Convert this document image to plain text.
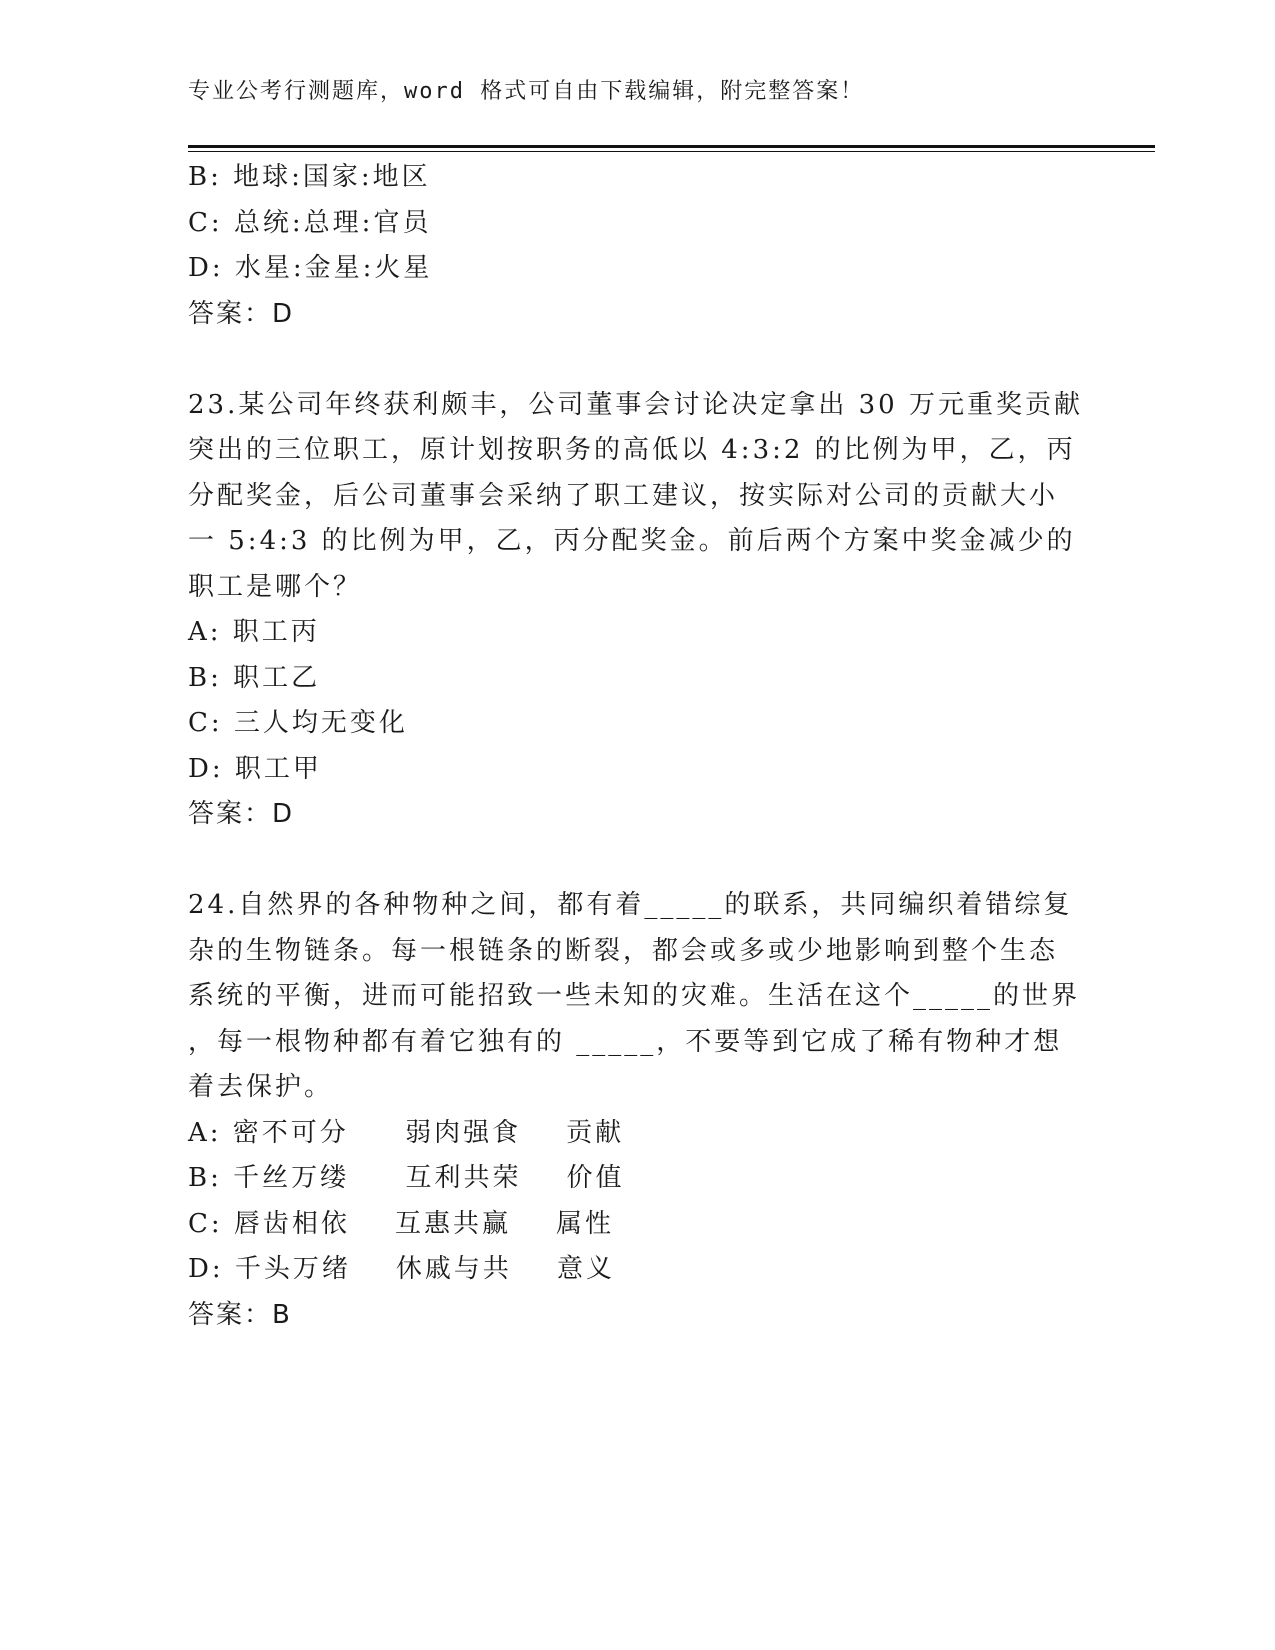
专业公考行测题库，word 格式可自由下载编辑，附完整答案！
B: 地球:国家:地区
C: 总统:总理:官员
D: 水星:金星:火星
答案：D
23.某公司年终获利颇丰，公司董事会讨论决定拿出 30 万元重奖贡献
突出的三位职工，原计划按职务的高低以 4:3:2 的比例为甲，乙，丙
分配奖金，后公司董事会采纳了职工建议，按实际对公司的贡献大小
一 5:4:3 的比例为甲，乙，丙分配奖金。前后两个方案中奖金减少的
职工是哪个？
A: 职工丙
B: 职工乙
C: 三人均无变化
D: 职工甲
答案：D
24.自然界的各种物种之间，都有着_____的联系，共同编织着错综复
杂的生物链条。每一根链条的断裂，都会或多或少地影响到整个生态
系统的平衡，进而可能招致一些未知的灾难。生活在这个_____的世界
，每一根物种都有着它独有的 _____，不要等到它成了稀有物种才想
着去保护。
A: 密不可分     弱肉强食    贡献
B: 千丝万缕     互利共荣    价值
C: 唇齿相依    互惠共赢    属性
D: 千头万绪    休戚与共    意义
答案：B
